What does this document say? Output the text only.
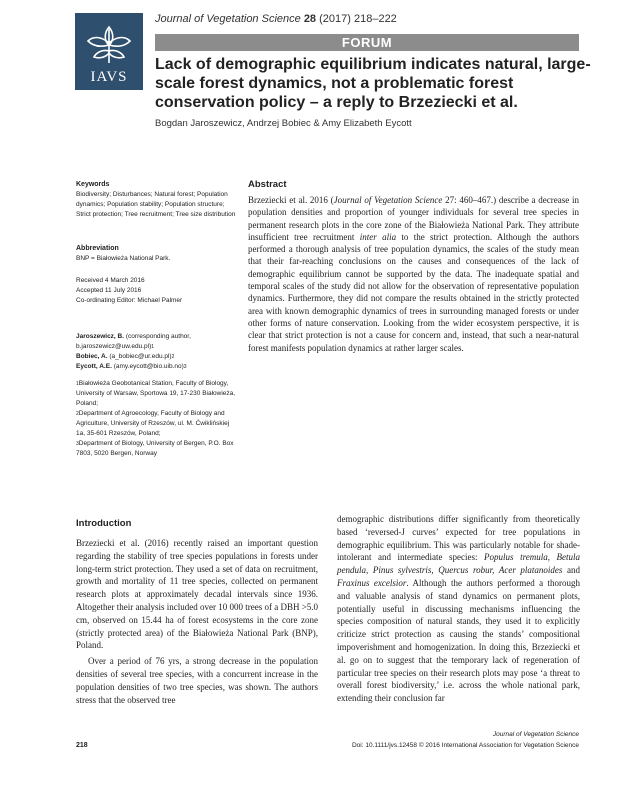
IAVS
Journal of Vegetation Science 28 (2017) 218–222
FORUM
Lack of demographic equilibrium indicates natural, large-scale forest dynamics, not a problematic forest conservation policy – a reply to Brzeziecki et al.
Bogdan Jaroszewicz, Andrzej Bobiec & Amy Elizabeth Eycott
Keywords
Biodiversity; Disturbances; Natural forest; Population dynamics; Population stability; Population structure; Strict protection; Tree recruitment; Tree size distribution
Abbreviation
BNP = Białowieża National Park.
Received 4 March 2016
Accepted 11 July 2016
Co-ordinating Editor: Michael Palmer
Jaroszewicz, B. (corresponding author,
b.jaroszewicz@uw.edu.pl)$^1$
Bobiec, A. (a_bobiec@ur.edu.pl)$^2$
Eycott, A.E. (amy.eycott@bio.uib.no)$^3$
$^1$Białowieża Geobotanical Station, Faculty of Biology, University of Warsaw, Sportowa 19, 17-230 Białowieża, Poland;
$^2$Department of Agroecology, Faculty of Biology and Agriculture, University of Rzeszów, ul. M. Ćwiklińskiej 1a, 35-601 Rzeszów, Poland;
$^3$Department of Biology, University of Bergen, P.O. Box 7803, 5020 Bergen, Norway
Abstract
Brzeziecki et al. 2016 (Journal of Vegetation Science 27: 460–467.) describe a decrease in population densities and proportion of younger individuals for several tree species in permanent research plots in the core zone of the Białowieża National Park. They attribute insufficient tree recruitment inter alia to the strict protection. Although the authors performed a thorough analysis of tree population dynamics, the scales of the study mean that their far-reaching conclusions on the causes and consequences of the lack of demographic equilibrium cannot be supported by the data. The inadequate spatial and temporal scales of the study did not allow for the observation of representative population dynamics. Furthermore, they did not compare the results obtained in the strictly protected area with known demographic dynamics of trees in surrounding managed forests or under other forms of nature conservation. Looking from the wider ecosystem perspective, it is clear that strict protection is not a cause for concern and, instead, that such a near-natural forest manifests population dynamics at rather larger scales.
Introduction

Brzeziecki et al. (2016) recently raised an important question regarding the stability of tree species populations in forests under long-term strict protection. They used a set of data on recruitment, growth and mortality of 11 tree species, collected on permanent research plots at approximately decadal intervals since 1936. Altogether their analysis included over 10 000 trees of a DBH >5.0 cm, observed on 15.44 ha of forest ecosystems in the core zone (strictly protected area) of the Białowieża National Park (BNP), Poland.

Over a period of 76 yrs, a strong decrease in the population densities of several tree species, with a concurrent increase in the population densities of two tree species, was shown. The authors stress that the observed tree

demographic distributions differ significantly from theoretically based ‘reversed-J curves’ expected for tree populations in demographic equilibrium. This was particularly notable for shade-intolerant and intermediate species: Populus tremula, Betula pendula, Pinus sylvestris, Quercus robur, Acer platanoides and Fraxinus excelsior. Although the authors performed a thorough and valuable analysis of stand dynamics on permanent plots, potentially useful in discussing mechanisms influencing the species composition of natural stands, they used it to explicitly criticize strict protection as causing the stands’ compositional impoverishment and homogenization. In doing this, Brzeziecki et al. go on to suggest that the temporary lack of regeneration of particular tree species on their research plots may pose ‘a threat to overall forest biodiversity,’ i.e. across the whole national park, extending their conclusion far
Journal of Vegetation Science
218	Doi: 10.1111/jvs.12458 © 2016 International Association for Vegetation Science
